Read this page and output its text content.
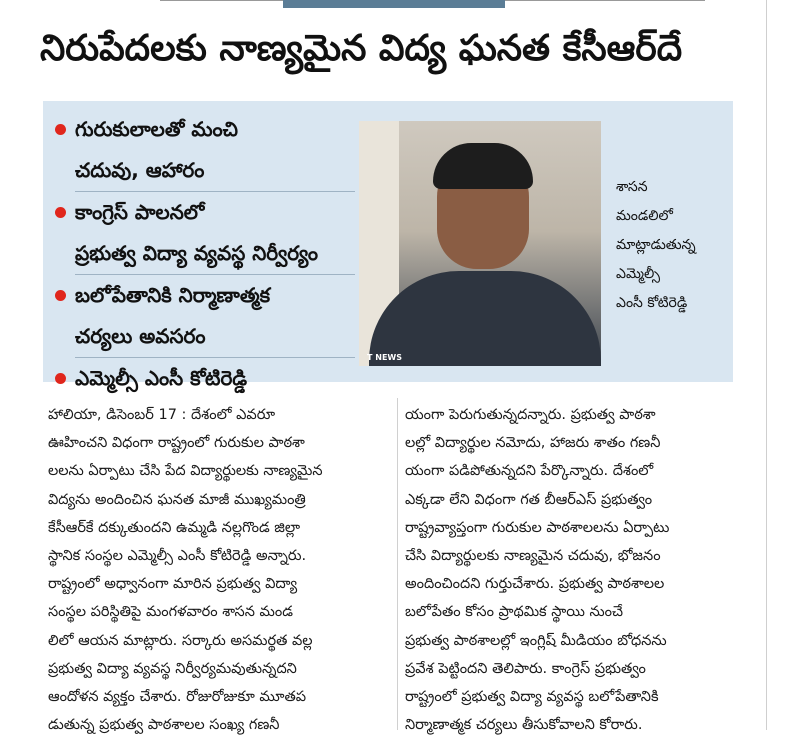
నిరుపేదలకు నాణ్యమైన విద్య ఘనత కేసీఆర్‌దే
గురుకులాలతో మంచి
చదువు, ఆహారం
కాంగ్రెస్ పాలనలో
ప్రభుత్వ విద్యా వ్యవస్థ నిర్వీర్యం
బలోపేతానికి నిర్మాణాత్మక
చర్యలు అవసరం
ఎమ్మెల్సీ ఎంసీ కోటిరెడ్డి
T NEWS
శాసన
మండలిలో
మాట్లాడుతున్న
ఎమ్మెల్సీ
ఎంసీ కోటిరెడ్డి
హాలియా, డిసెంబర్ 17 : దేశంలో ఎవరూ
ఊహించని విధంగా రాష్ట్రంలో గురుకుల పాఠశా
లలను ఏర్పాటు చేసి పేద విద్యార్థులకు నాణ్యమైన
విద్యను అందించిన ఘనత మాజీ ముఖ్యమంత్రి
కేసీఆర్‌కే దక్కుతుందని ఉమ్మడి నల్లగొండ జిల్లా
స్థానిక సంస్థల ఎమ్మెల్సీ ఎంసీ కోటిరెడ్డి అన్నారు.
రాష్ట్రంలో అధ్వానంగా మారిన ప్రభుత్వ విద్యా
సంస్థల పరిస్థితిపై మంగళవారం శాసన మండ
లిలో ఆయన మాట్లారు. సర్కారు అసమర్థత వల్ల
ప్రభుత్వ విద్యా వ్యవస్థ నిర్వీర్యమవుతున్నదని
ఆందోళన వ్యక్తం చేశారు. రోజురోజుకూ మూతప
డుతున్న ప్రభుత్వ పాఠశాలల సంఖ్య గణనీ
యంగా పెరుగుతున్నదన్నారు. ప్రభుత్వ పాఠశా
లల్లో విద్యార్థుల నమోదు, హాజరు శాతం గణనీ
యంగా పడిపోతున్నదని పేర్కొన్నారు. దేశంలో
ఎక్కడా లేని విధంగా గత బీఆర్‌ఎస్ ప్రభుత్వం
రాష్ట్రవ్యాప్తంగా గురుకుల పాఠశాలలను ఏర్పాటు
చేసి విద్యార్థులకు నాణ్యమైన చదువు, భోజనం
అందించిందని గుర్తుచేశారు. ప్రభుత్వ పాఠశాలల
బలోపేతం కోసం ప్రాథమిక స్థాయి నుంచే
ప్రభుత్వ పాఠశాలల్లో ఇంగ్లిష్ మీడియం బోధనను
ప్రవేశ పెట్టిందని తెలిపారు. కాంగ్రెస్ ప్రభుత్వం
రాష్ట్రంలో ప్రభుత్వ విద్యా వ్యవస్థ బలోపేతానికి
నిర్మాణాత్మక చర్యలు తీసుకోవాలని కోరారు.
